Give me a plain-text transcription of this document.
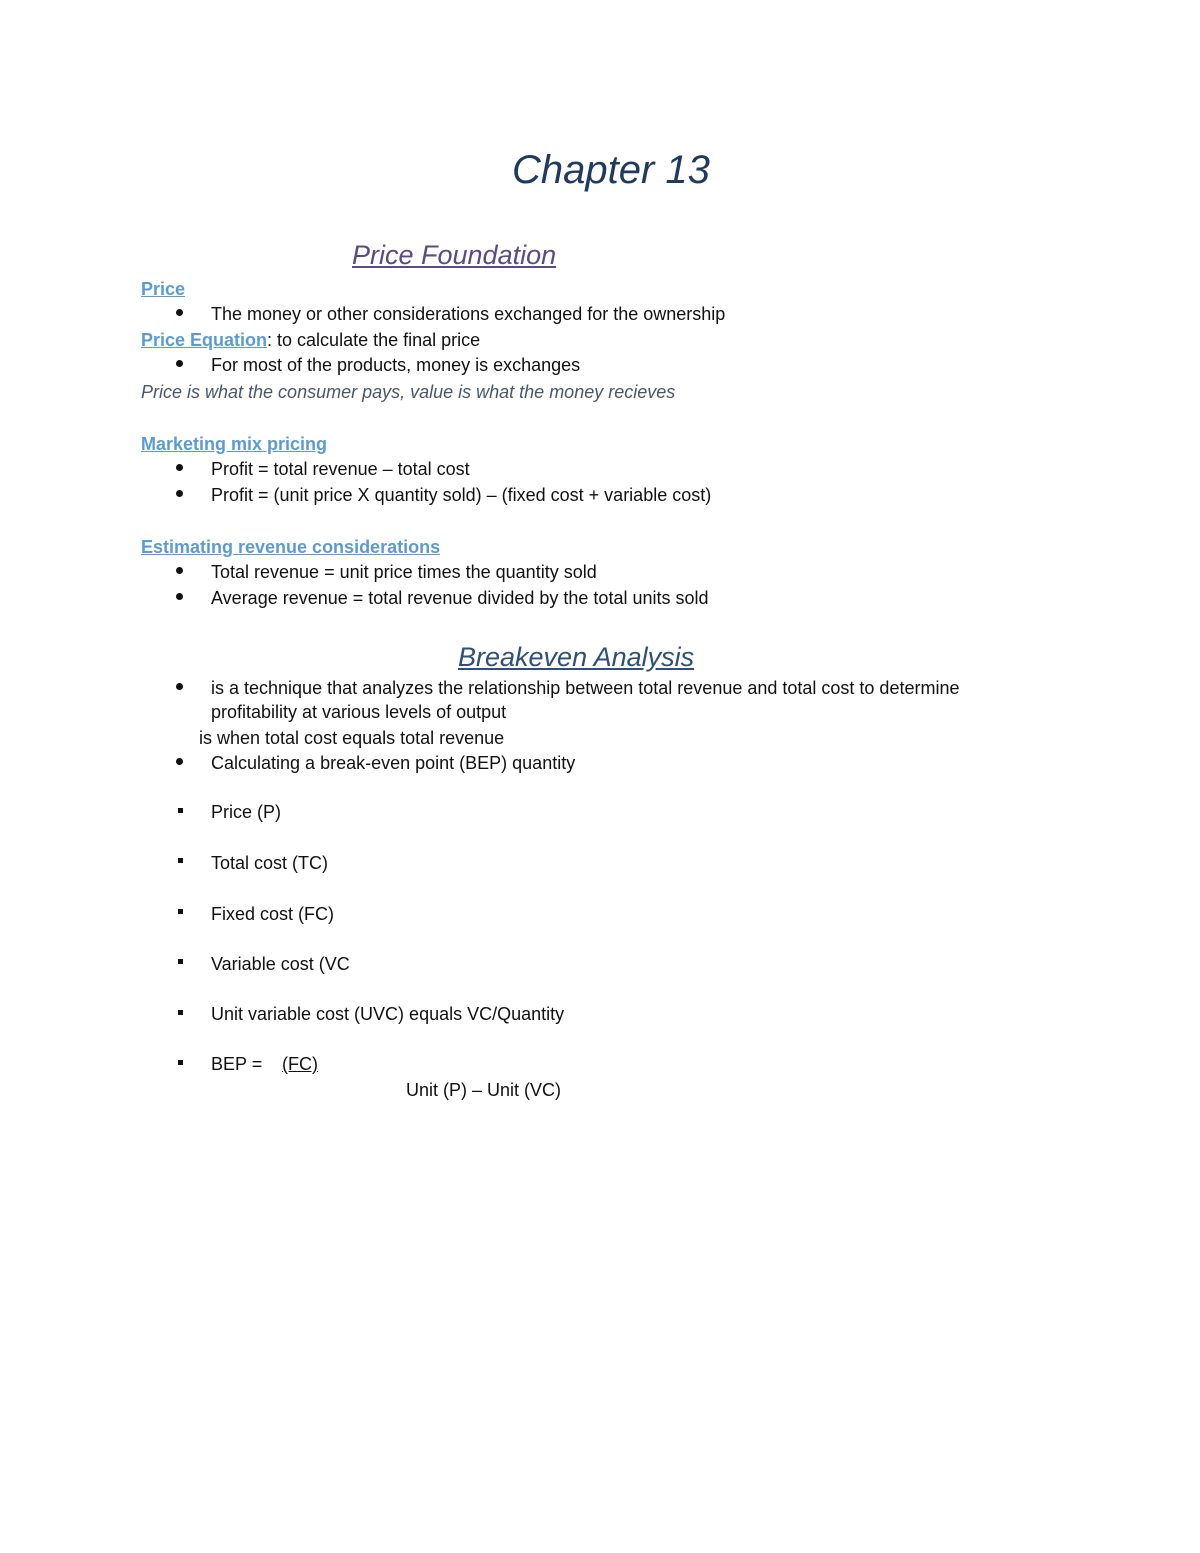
Chapter 13
Price Foundation
Price
The money or other considerations exchanged for the ownership
Price Equation: to calculate the final price
For most of the products, money is exchanges
Price is what the consumer pays, value is what the money recieves
Marketing mix pricing
Profit = total revenue – total cost
Profit = (unit price X quantity sold) – (fixed cost + variable cost)
Estimating revenue considerations
Total revenue = unit price times the quantity sold
Average revenue = total revenue divided by the total units sold
Breakeven Analysis
is a technique that analyzes the relationship between total revenue and total cost to determine
profitability at various levels of output
is when total cost equals total revenue
Calculating a break-even point (BEP) quantity
Price (P)
Total cost (TC)
Fixed cost (FC)
Variable cost (VC
Unit variable cost (UVC) equals VC/Quantity
BEP = (FC)
Unit (P) – Unit (VC)
